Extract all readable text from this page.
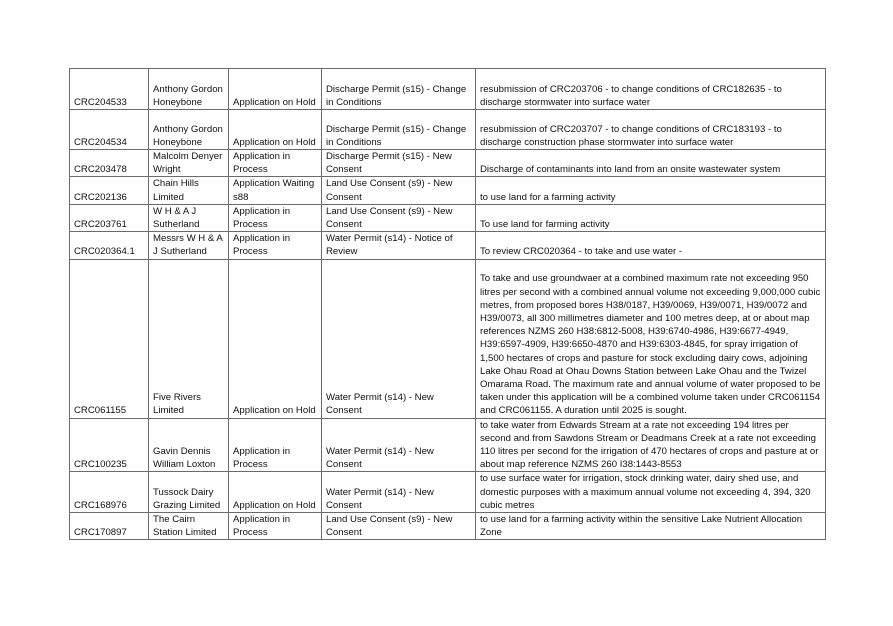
CRC204533	Anthony Gordon Honeybone	Application on Hold	Discharge Permit (s15) - Change in Conditions	resubmission of CRC203706 - to change conditions of CRC182635 - to discharge stormwater into surface water
CRC204534	Anthony Gordon Honeybone	Application on Hold	Discharge Permit (s15) - Change in Conditions	resubmission of CRC203707 - to change conditions of CRC183193 - to discharge construction phase stormwater into surface water
CRC203478	Malcolm Denyer Wright	Application in Process	Discharge Permit (s15) - New Consent	Discharge of contaminants into land from an onsite wastewater system
CRC202136	Chain Hills Limited	Application Waiting s88	Land Use Consent (s9) - New Consent	to use land for a farming activity
CRC203761	W H & A J Sutherland	Application in Process	Land Use Consent (s9) - New Consent	To use land for farming activity
CRC020364.1	Messrs W H & A J Sutherland	Application in Process	Water Permit (s14) - Notice of Review	To review CRC020364 - to take and use water -
CRC061155	Five Rivers Limited	Application on Hold	Water Permit (s14) - New Consent	To take and use groundwaer at a combined maximum rate not exceeding 950 litres per second with a combined annual volume not exceeding 9,000,000 cubic metres, from proposed bores H38/0187, H39/0069, H39/0071, H39/0072 and H39/0073, all 300 millimetres diameter and 100 metres deep, at or about map references NZMS 260 H38:6812-5008, H39:6740-4986, H39:6677-4949, H39:6597-4909, H39:6650-4870 and H39:6303-4845, for spray irrigation of 1,500 hectares of crops and pasture for stock excluding dairy cows, adjoining Lake Ohau Road at Ohau Downs Station between Lake Ohau and the Twizel Omarama Road. The maximum rate and annual volume of water proposed to be taken under this application will be a combined volume taken under CRC061154 and CRC061155. A duration until 2025 is sought.
CRC100235	Gavin Dennis William Loxton	Application in Process	Water Permit (s14) - New Consent	to take water from Edwards Stream at a rate not exceeding 194 litres per second and from Sawdons Stream or Deadmans Creek at a rate not exceeding 110 litres per second for the irrigation of 470 hectares of crops and pasture at or about map reference NZMS 260 I38:1443-8553
CRC168976	Tussock Dairy Grazing Limited	Application on Hold	Water Permit (s14) - New Consent	to use surface water for irrigation, stock drinking water, dairy shed use, and domestic purposes with a maximum annual volume not exceeding 4, 394, 320 cubic metres
CRC170897	The Cairn Station Limited	Application in Process	Land Use Consent (s9) - New Consent	to use land for a farming activity within the sensitive Lake Nutrient Allocation Zone
